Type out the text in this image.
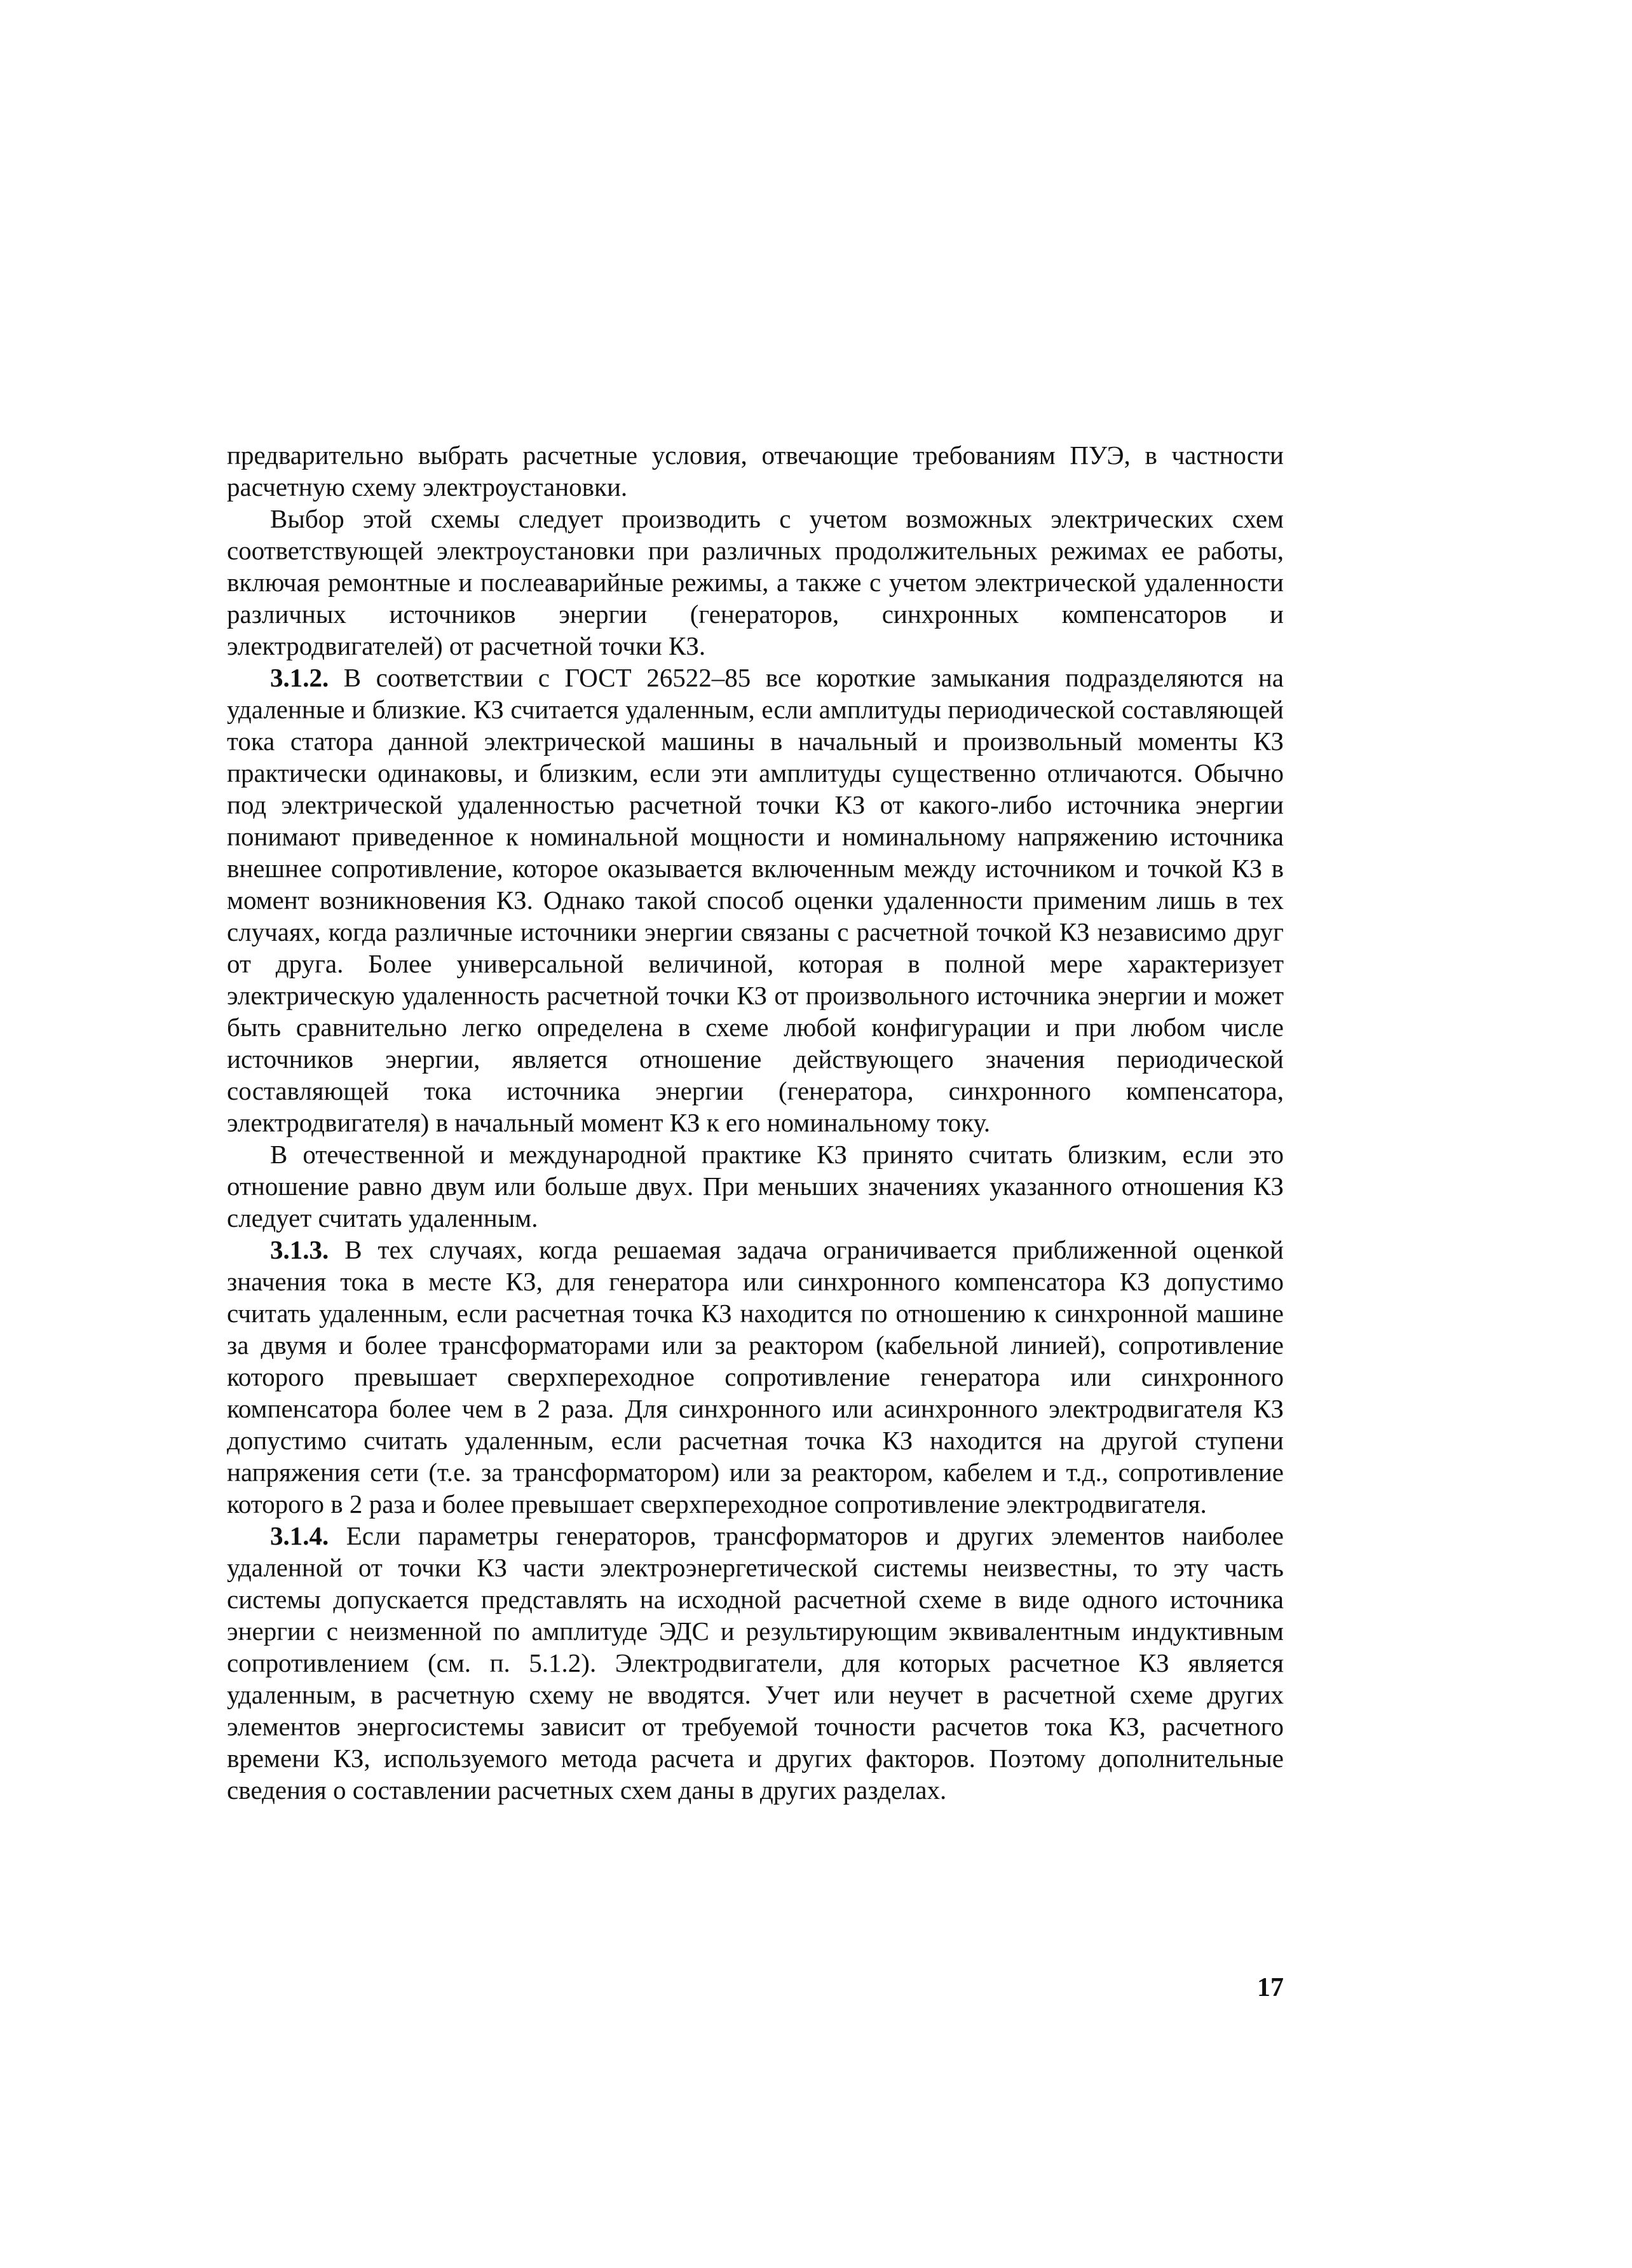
предварительно выбрать расчетные условия, отвечающие требованиям ПУЭ, в частности расчетную схему электроустановки.

Выбор этой схемы следует производить с учетом возможных электрических схем соответствующей электроустановки при различных продолжительных режимах ее работы, включая ремонтные и послеаварийные режимы, а также с учетом электрической удаленности различных источников энергии (генераторов, синхронных компенсаторов и электродвигателей) от расчетной точки КЗ.

3.1.2. В соответствии с ГОСТ 26522–85 все короткие замыкания подразделяются на удаленные и близкие. КЗ считается удаленным, если амплитуды периодической составляющей тока статора данной электрической машины в начальный и произвольный моменты КЗ практически одинаковы, и близким, если эти амплитуды существенно отличаются. Обычно под электрической удаленностью расчетной точки КЗ от какого-либо источника энергии понимают приведенное к номинальной мощности и номинальному напряжению источника внешнее сопротивление, которое оказывается включенным между источником и точкой КЗ в момент возникновения КЗ. Однако такой способ оценки удаленности применим лишь в тех случаях, когда различные источники энергии связаны с расчетной точкой КЗ независимо друг от друга. Более универсальной величиной, которая в полной мере характеризует электрическую удаленность расчетной точки КЗ от произвольного источника энергии и может быть сравнительно легко определена в схеме любой конфигурации и при любом числе источников энергии, является отношение действующего значения периодической составляющей тока источника энергии (генератора, синхронного компенсатора, электродвигателя) в начальный момент КЗ к его номинальному току.

В отечественной и международной практике КЗ принято считать близким, если это отношение равно двум или больше двух. При меньших значениях указанного отношения КЗ следует считать удаленным.

3.1.3. В тех случаях, когда решаемая задача ограничивается приближенной оценкой значения тока в месте КЗ, для генератора или синхронного компенсатора КЗ допустимо считать удаленным, если расчетная точка КЗ находится по отношению к синхронной машине за двумя и более трансформаторами или за реактором (кабельной линией), сопротивление которого превышает сверхпереходное сопротивление генератора или синхронного компенсатора более чем в 2 раза. Для синхронного или асинхронного электродвигателя КЗ допустимо считать удаленным, если расчетная точка КЗ находится на другой ступени напряжения сети (т.е. за трансформатором) или за реактором, кабелем и т.д., сопротивление которого в 2 раза и более превышает сверхпереходное сопротивление электродвигателя.

3.1.4. Если параметры генераторов, трансформаторов и других элементов наиболее удаленной от точки КЗ части электроэнергетической системы неизвестны, то эту часть системы допускается представлять на исходной расчетной схеме в виде одного источника энергии с неизменной по амплитуде ЭДС и результирующим эквивалентным индуктивным сопротивлением (см. п. 5.1.2). Электродвигатели, для которых расчетное КЗ является удаленным, в расчетную схему не вводятся. Учет или неучет в расчетной схеме других элементов энергосистемы зависит от требуемой точности расчетов тока КЗ, расчетного времени КЗ, используемого метода расчета и других факторов. Поэтому дополнительные сведения о составлении расчетных схем даны в других разделах.

17
